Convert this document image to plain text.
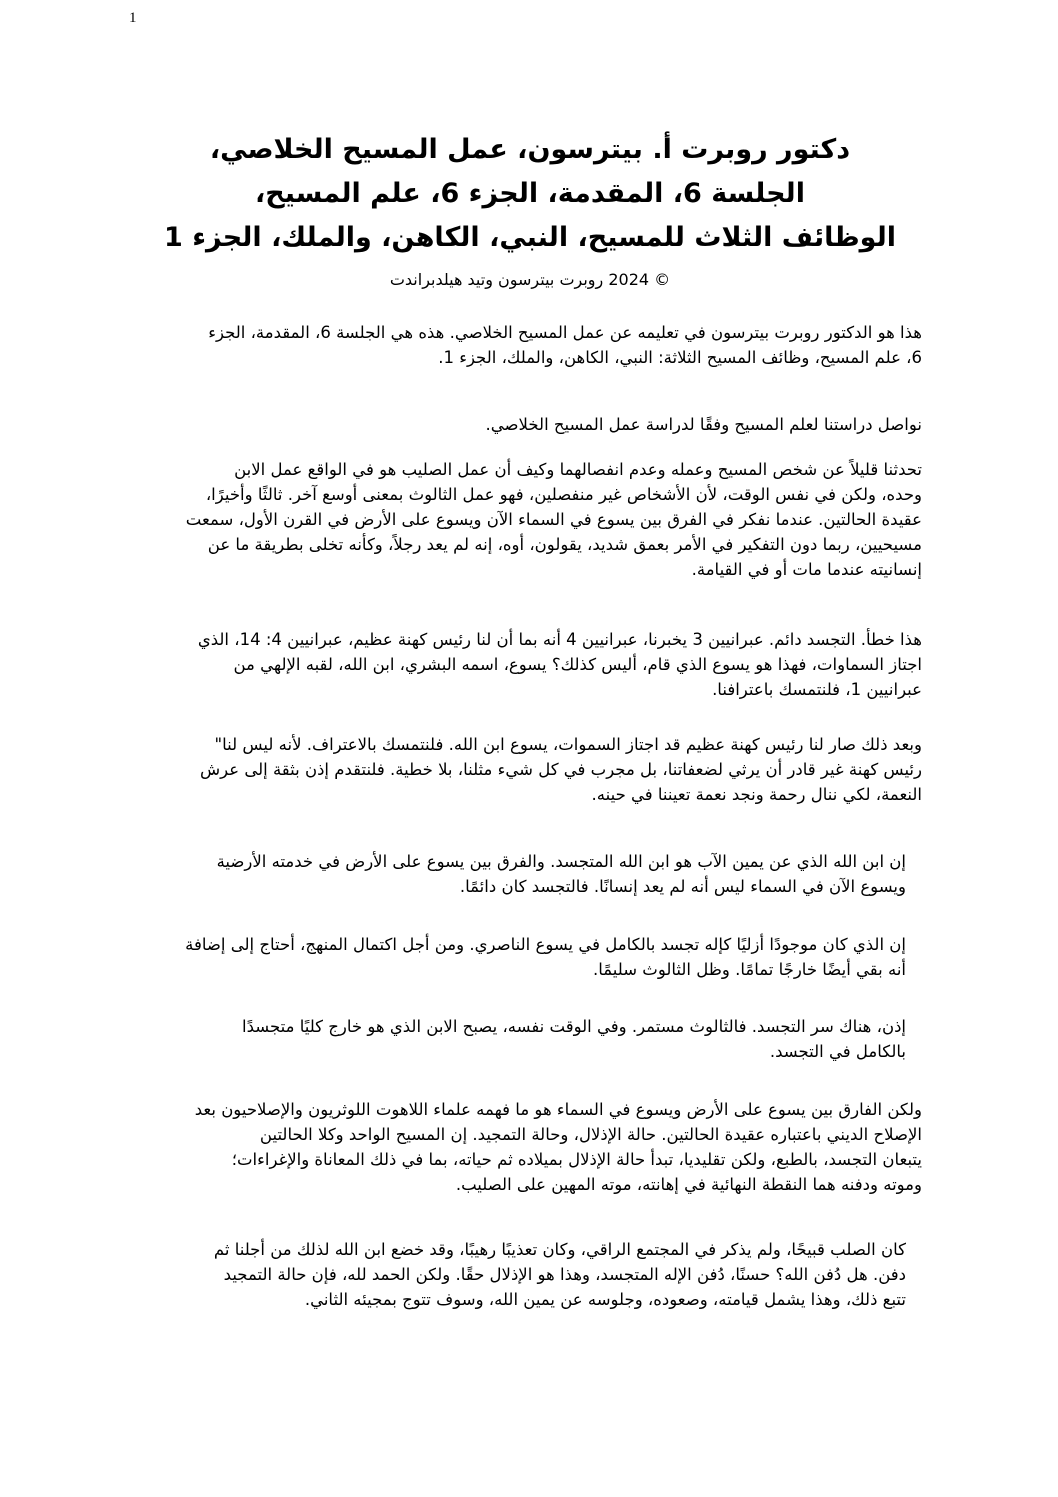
1
دكتور روبرت أ. بيترسون، عمل المسيح الخلاصي،
الجلسة 6، المقدمة، الجزء 6، علم المسيح،
الوظائف الثلاث للمسيح، النبي، الكاهن، والملك، الجزء 1
© 2024 روبرت بيترسون وتيد هيلدبراندت
هذا هو الدكتور روبرت بيترسون في تعليمه عن عمل المسيح الخلاصي. هذه هي الجلسة 6، المقدمة، الجزء
6، علم المسيح، وظائف المسيح الثلاثة: النبي، الكاهن، والملك، الجزء 1.
نواصل دراستنا لعلم المسيح وفقًا لدراسة عمل المسيح الخلاصي.
تحدثنا قليلاً عن شخص المسيح وعمله وعدم انفصالهما وكيف أن عمل الصليب هو في الواقع عمل الابن
وحده، ولكن في نفس الوقت، لأن الأشخاص غير منفصلين، فهو عمل الثالوث بمعنى أوسع آخر. ثالثًا وأخيرًا،
عقيدة الحالتين. عندما نفكر في الفرق بين يسوع في السماء الآن ويسوع على الأرض في القرن الأول، سمعت
مسيحيين، ربما دون التفكير في الأمر بعمق شديد، يقولون، أوه، إنه لم يعد رجلاً، وكأنه تخلى بطريقة ما عن
إنسانيته عندما مات أو في القيامة.
هذا خطأ. التجسد دائم. عبرانيين 3 يخبرنا، عبرانيين 4 أنه بما أن لنا رئيس كهنة عظيم، عبرانيين 4: 14، الذي
اجتاز السماوات، فهذا هو يسوع الذي قام، أليس كذلك؟ يسوع، اسمه البشري، ابن الله، لقبه الإلهي من
عبرانيين 1، فلنتمسك باعترافنا.
وبعد ذلك صار لنا رئيس كهنة عظيم قد اجتاز السموات، يسوع ابن الله. فلنتمسك بالاعتراف. لأنه ليس لنا"
رئيس كهنة غير قادر أن يرثي لضعفاتنا، بل مجرب في كل شيء مثلنا، بلا خطية. فلنتقدم إذن بثقة إلى عرش
النعمة، لكي ننال رحمة ونجد نعمة تعيننا في حينه.
إن ابن الله الذي عن يمين الآب هو ابن الله المتجسد. والفرق بين يسوع على الأرض في خدمته الأرضية
ويسوع الآن في السماء ليس أنه لم يعد إنسانًا. فالتجسد كان دائمًا.
إن الذي كان موجودًا أزليًا كإله تجسد بالكامل في يسوع الناصري. ومن أجل اكتمال المنهج، أحتاج إلى إضافة
أنه بقي أيضًا خارجًا تمامًا. وظل الثالوث سليمًا.
إذن، هناك سر التجسد. فالثالوث مستمر. وفي الوقت نفسه، يصبح الابن الذي هو خارج كليًا متجسدًا
بالكامل في التجسد.
ولكن الفارق بين يسوع على الأرض ويسوع في السماء هو ما فهمه علماء اللاهوت اللوثريون والإصلاحيون بعد
الإصلاح الديني باعتباره عقيدة الحالتين. حالة الإذلال، وحالة التمجيد. إن المسيح الواحد وكلا الحالتين
يتبعان التجسد، بالطبع، ولكن تقليديا، تبدأ حالة الإذلال بميلاده ثم حياته، بما في ذلك المعاناة والإغراءات؛
وموته ودفنه هما النقطة النهائية في إهانته، موته المهين على الصليب.
كان الصلب قبيحًا، ولم يذكر في المجتمع الراقي، وكان تعذيبًا رهيبًا، وقد خضع ابن الله لذلك من أجلنا ثم
دفن. هل دُفن الله؟ حسنًا، دُفن الإله المتجسد، وهذا هو الإذلال حقًا. ولكن الحمد لله، فإن حالة التمجيد
تتبع ذلك، وهذا يشمل قيامته، وصعوده، وجلوسه عن يمين الله، وسوف تتوج بمجيئه الثاني.
